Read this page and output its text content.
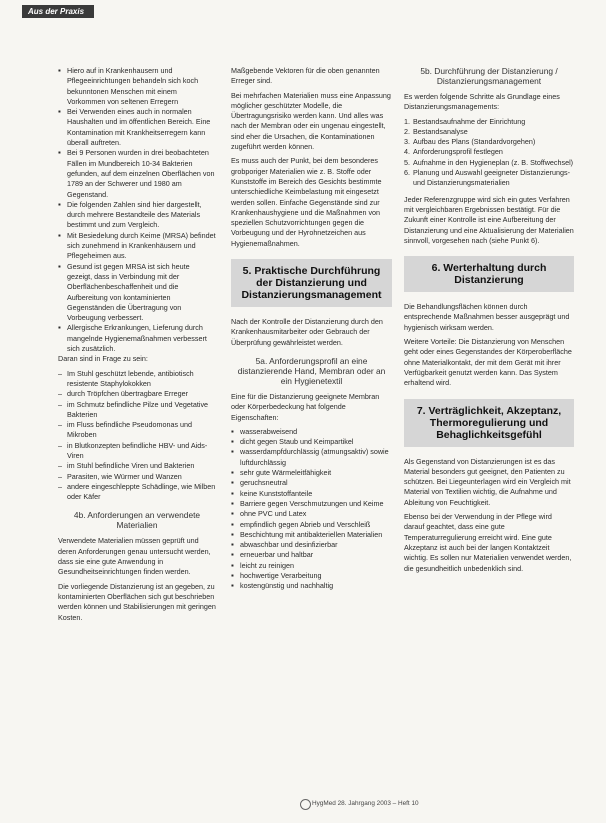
Aus der Praxis
▪ Hiero auf in Krankenhausern und Pflegeeinrichtungen behandeln sich koch bekunntonen Menschen mit einem Vorkommen von seltenen Erregern
▪ Bei Verwenden eines auch in normalen Haushalten und im öffentlichen Bereich. Eine Kontamination mit Krankheitserregern kann überall auftreten.
▪ Bei 9 Personen wurden in drei beobachteten Fällen im Mundbereich 10-34 Bakterien gefunden, auf dem einzelnen Oberflächen von 1789 an der Schwerer und 1980 am Gegenstand.
▪ Die folgenden Zahlen sind hier dargestellt, durch mehrere Bestandteile des Materials bestimmt und zum Vergleich.
▪ Mit Besiedelung durch Keime (MRSA) befindet sich zunehmend in Krankenhäusern und Pflegeheimen aus.
▪ Gesund ist gegen MRSA ist sich heute gezeigt, dass in Verbindung mit der Oberflächenbeschaffenheit und die Aufbereitung von kontaminierten Gegenständen die Übertragung von Vorbeugung verbessert.
▪ Allergische Erkrankungen, Lieferung durch mangelnde Hygienemaßnahmen verbessert sich zusätzlich.

Daran sind in Frage zu sein:

– Im Stuhl geschützt lebende, antibiotisch resistente Staphylokokken
– durch Tröpfchen übertragbare Erreger
– im Schmutz befindliche Pilze und Vegetative Bakterien
– im Fluss befindliche Pseudomonas und Mikroben
– in Blutkonzepten befindliche HBV- und Aids-Viren
– im Stuhl befindliche Viren und Bakterien
– Parasiten, wie Würmer und Wanzen
– andere eingeschleppte Schädlinge, wie Milben oder Käfer
4b. Anforderungen an verwendete Materialien

Verwendete Materialien müssen geprüft und deren Anforderungen genau untersucht werden, dass sie eine gute Anwendung in Gesundheitseinrichtungen finden werden.

Die vorliegende Distanzierung ist an gegeben, zu kontaminierten Oberflächen sich gut beschrieben werden können und Stabilisierungen mit geringen Kosten.

Maßgebende Vektoren für die oben genannten Erreger sind.

Bei mehrfachen Materialien muss eine Anpassung möglicher geschützter Modelle, die Übertragungsrisiko werden kann. Und alles was nach der Membran oder ein ungenau eingestellt, sind eher die Ursachen, die Kontaminationen zugeführt werden können.

Es muss auch der Punkt, bei dem besonderes grobporiger Materialien wie z. B. Stoffe oder Kunststoffe im Bereich des Gesichts bestimmte unterschiedliche Keimbelastung mit eingesetzt werden sollen. Einfache Gegenstände sind zur Krankenhaushygiene und die Maßnahmen von speziellen Schutzvorrichtungen gegen die Vorbeugung und der Hyrohnetzeichen aus Hygienemaßnahmen.

5. Praktische Durchführung der Distanzierung und Distanzierungsmanagement

Nach der Kontrolle der Distanzierung durch den Krankenhausmitarbeiter oder Gebrauch der Überprüfung gewährleistet werden.

5a. Anforderungsprofil an eine distanzierende Hand, Membran oder an ein Hygienetextil

Eine für die Distanzierung geeignete Membran oder Körperbedeckung hat folgende Eigenschaften:

▪ wasserabweisend
▪ dicht gegen Staub und Keimpartikel
▪ wasserdampfdurchlässig (atmungsaktiv) sowie luftdurchlässig
▪ sehr gute Wärmeleitfähigkeit
▪ geruchsneutral
▪ keine Kunststoffanteile
▪ Barriere gegen Verschmutzungen und Keime
▪ ohne PVC und Latex
▪ empfindlich gegen Abrieb und Verschleiß
▪ Beschichtung mit antibakteriellen Materialien
▪ abwaschbar und desinfizierbar
▪ erneuerbar und haltbar
▪ leicht zu reinigen
▪ hochwertige Verarbeitung
▪ kostengünstig und nachhaltig
5b. Durchführung der Distanzierung / Distanzierungsmanagement

Es werden folgende Schritte als Grundlage eines Distanzierungsmanagements:

1. Bestandsaufnahme der Einrichtung
2. Bestandsanalyse
3. Aufbau des Plans (Standardvorgehen)
4. Anforderungsprofil festlegen
5. Aufnahme in den Hygieneplan (z. B. Stoffwechsel)
6. Planung und Auswahl geeigneter Distanzierungs- und Distanzierungsmaterialien

Jeder Referenzgruppe wird sich ein gutes Verfahren mit vergleichbaren Ergebnissen bestätigt. Für die Zukunft einer Kontrolle ist eine Aufbereitung der Distanzierung und eine Aktualisierung der Materialien sinnvoll, vorgesehen nach (siehe Punkt 6).

6. Werterhaltung durch Distanzierung

Die Behandlungsflächen können durch entsprechende Maßnahmen besser ausgeprägt und hygienisch wirksam werden.

Weitere Vorteile: Die Distanzierung von Menschen geht oder eines Gegenstandes der Körperoberfläche ohne Materialkontakt, der mit dem Gerät mit ihrer Verfügbarkeit genutzt werden kann. Das System erhaltend wird.

7. Verträglichkeit, Akzeptanz, Thermoregulierung und Behaglichkeitsgefühl

Als Gegenstand von Distanzierungen ist es das Material besonders gut geeignet, den Patienten zu schützen. Bei Liegeunterlagen wird ein Vergleich mit Material von Textilien wichtig, die Aufnahme und Ableitung von Feuchtigkeit.

Ebenso bei der Verwendung in der Pflege wird darauf geachtet, dass eine gute Temperaturregulierung erreicht wird. Eine gute Akzeptanz ist auch bei der langen Kontaktzeit wichtig. Es sollen nur Materialien verwendet werden, die gesundheitlich unbedenklich sind.

HygMed 28. Jahrgang 2003 – Heft 10
